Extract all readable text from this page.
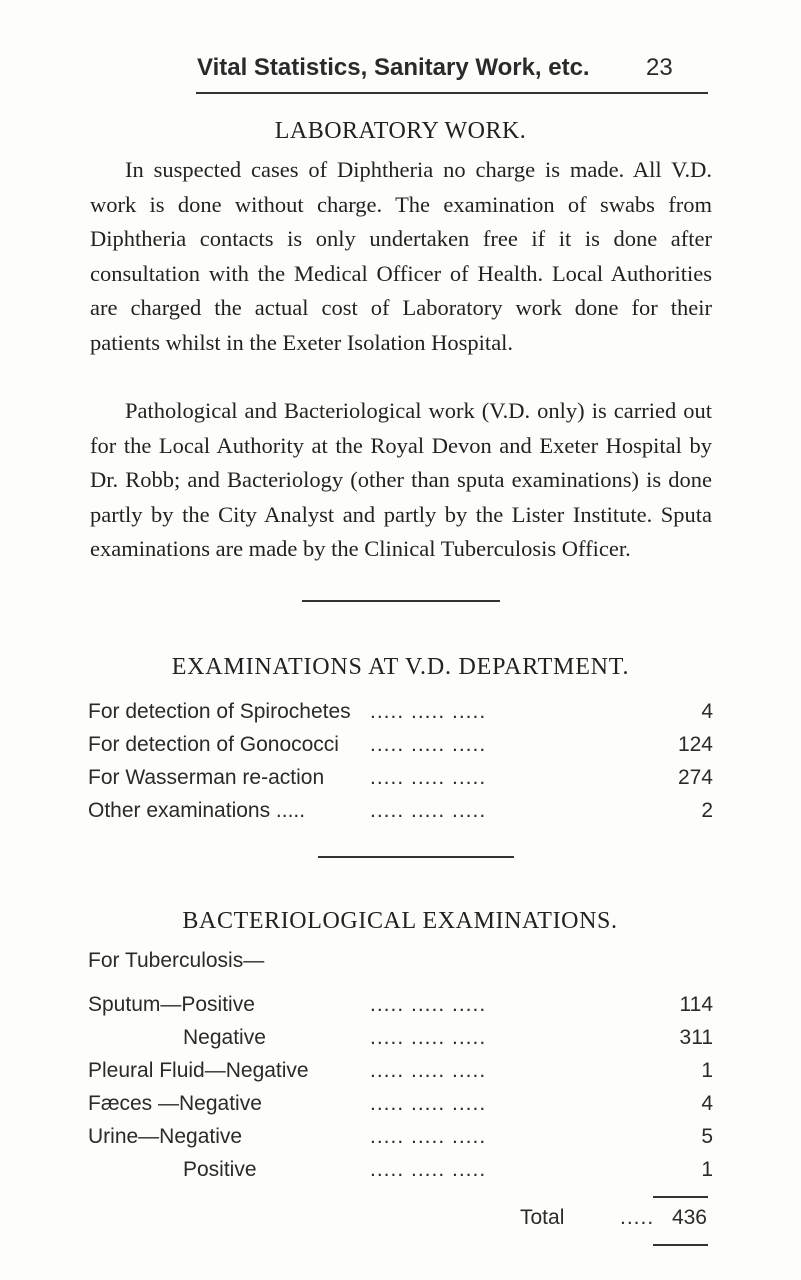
Vital Statistics, Sanitary Work, etc. 23
LABORATORY WORK.

In suspected cases of Diphtheria no charge is made. All V.D. work is done without charge. The examination of swabs from Diphtheria contacts is only undertaken free if it is done after consultation with the Medical Officer of Health. Local Authorities are charged the actual cost of Laboratory work done for their patients whilst in the Exeter Isolation Hospital.

Pathological and Bacteriological work (V.D. only) is carried out for the Local Authority at the Royal Devon and Exeter Hospital by Dr. Robb; and Bacteriology (other than sputa examinations) is done partly by the City Analyst and partly by the Lister Institute. Sputa examinations are made by the Clinical Tuberculosis Officer.

EXAMINATIONS AT V.D. DEPARTMENT.
For detection of Spirochetes ..... ..... .....	4
For detection of Gonococci ..... ..... .....	124
For Wasserman re-action ..... ..... .....	274
Other examinations .....	..... ..... .....	2
BACTERIOLOGICAL EXAMINATIONS.
For Tuberculosis—
Sputum—Positive	..... ..... .....	114
Negative	..... ..... .....	311
Pleural Fluid—Negative	..... ..... .....	1
Fæces —Negative	..... ..... .....	4
Urine—Negative	..... ..... .....	5
Positive	..... ..... .....	1
Total	..... 436
